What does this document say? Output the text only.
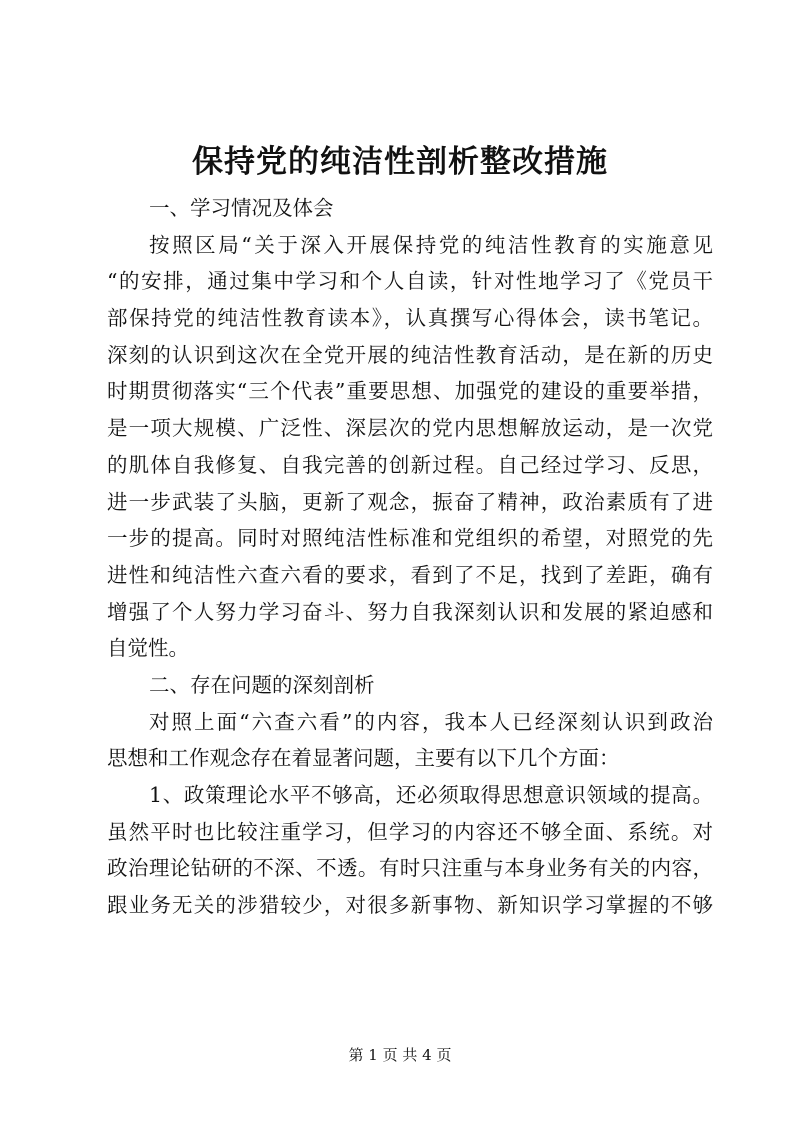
保持党的纯洁性剖析整改措施
一、学习情况及体会
按照区局“关于深入开展保持党的纯洁性教育的实施意见
“的安排，通过集中学习和个人自读，针对性地学习了《党员干
部保持党的纯洁性教育读本》，认真撰写心得体会，读书笔记。
深刻的认识到这次在全党开展的纯洁性教育活动，是在新的历史
时期贯彻落实“三个代表”重要思想、加强党的建设的重要举措，
是一项大规模、广泛性、深层次的党内思想解放运动，是一次党
的肌体自我修复、自我完善的创新过程。自己经过学习、反思，
进一步武装了头脑，更新了观念，振奋了精神，政治素质有了进
一步的提高。同时对照纯洁性标准和党组织的希望，对照党的先
进性和纯洁性六查六看的要求，看到了不足，找到了差距，确有
增强了个人努力学习奋斗、努力自我深刻认识和发展的紧迫感和
自觉性。
二、存在问题的深刻剖析
对照上面“六查六看”的内容，我本人已经深刻认识到政治
思想和工作观念存在着显著问题，主要有以下几个方面：
1、政策理论水平不够高，还必须取得思想意识领域的提高。
虽然平时也比较注重学习，但学习的内容还不够全面、系统。对
政治理论钻研的不深、不透。有时只注重与本身业务有关的内容，
跟业务无关的涉猎较少，对很多新事物、新知识学习掌握的不够
第 1 页 共 4 页
